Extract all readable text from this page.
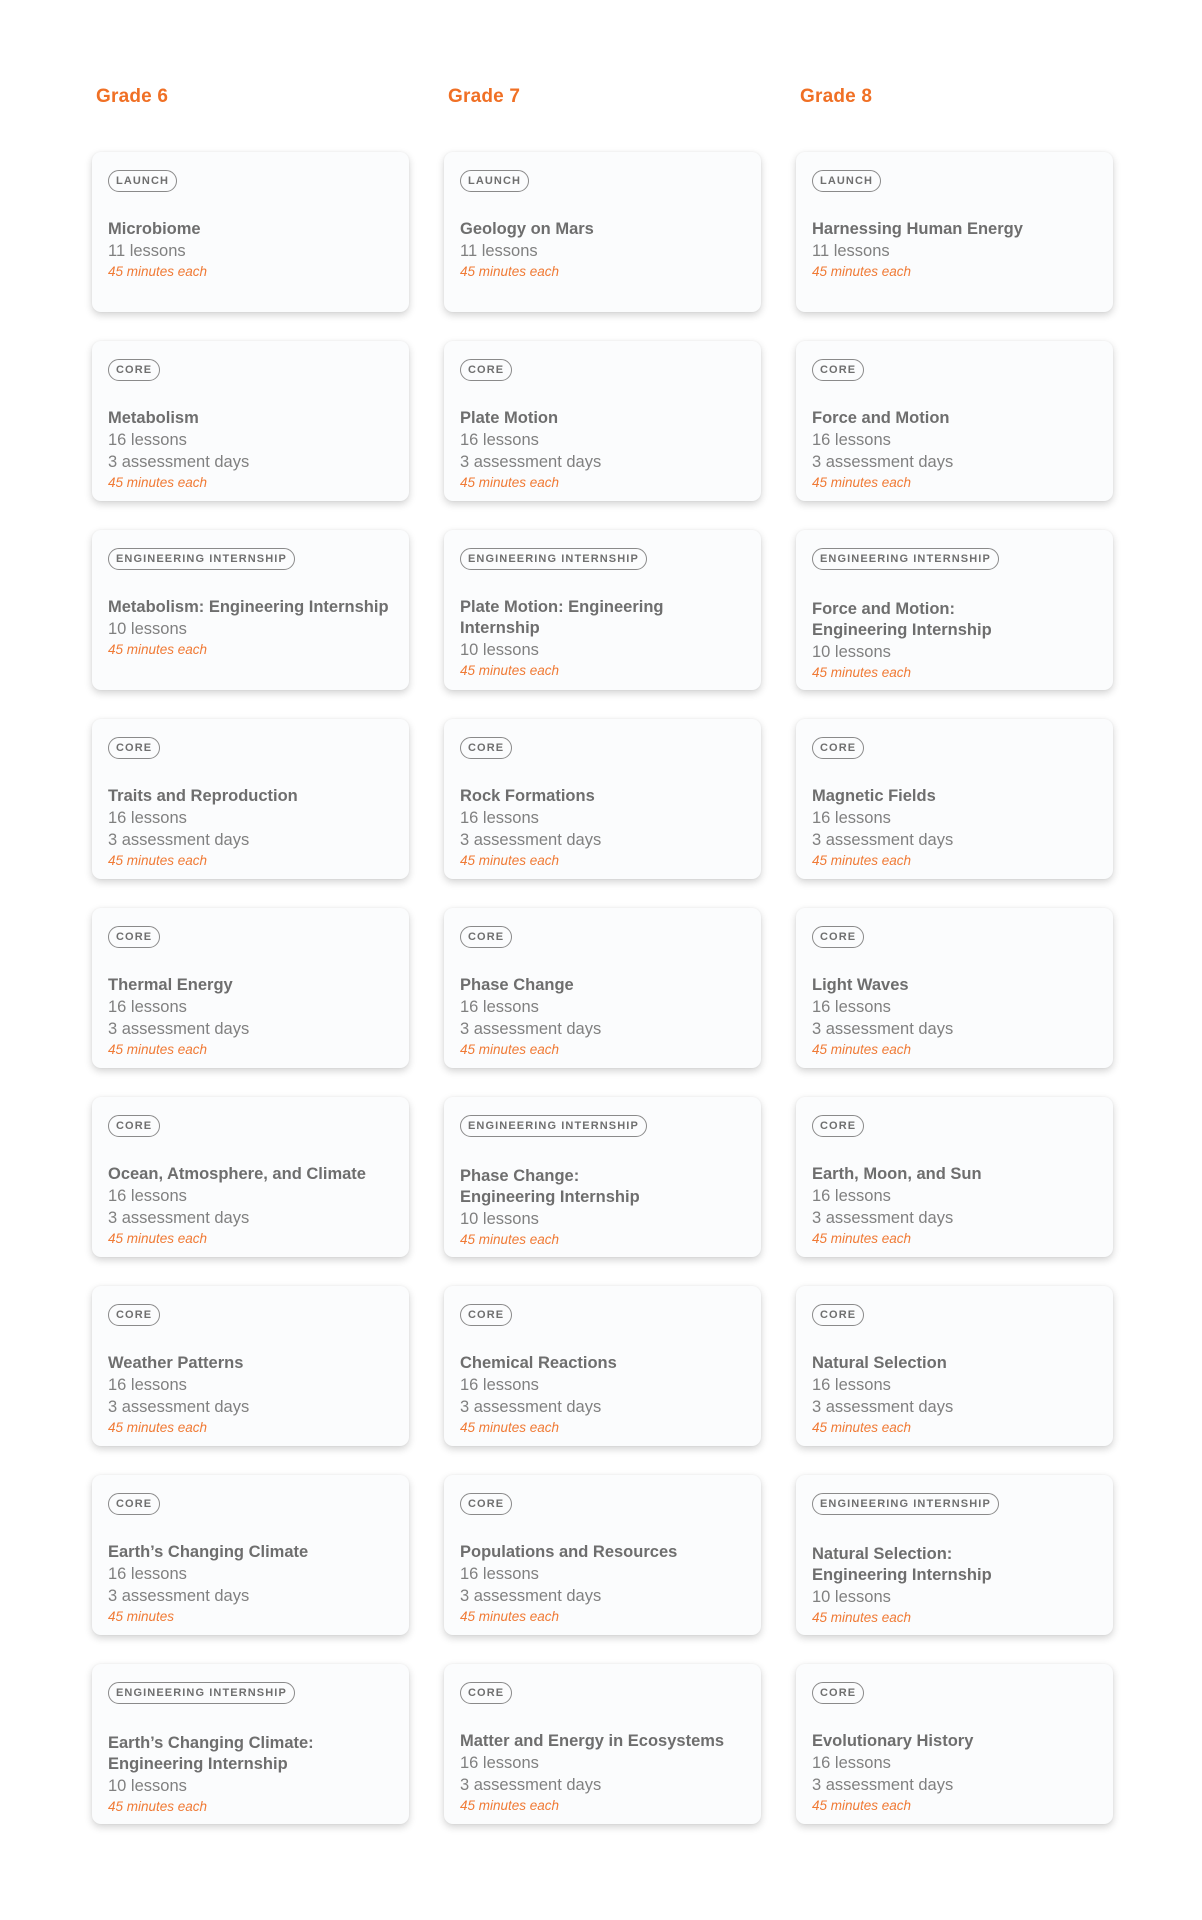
Grade 6
LAUNCH
Microbiome
11 lessons
45 minutes each
CORE
Metabolism
16 lessons
3 assessment days
45 minutes each
ENGINEERING INTERNSHIP
Metabolism: Engineering Internship
10 lessons
45 minutes each
CORE
Traits and Reproduction
16 lessons
3 assessment days
45 minutes each
CORE
Thermal Energy
16 lessons
3 assessment days
45 minutes each
CORE
Ocean, Atmosphere, and Climate
16 lessons
3 assessment days
45 minutes each
CORE
Weather Patterns
16 lessons
3 assessment days
45 minutes each
CORE
Earth’s Changing Climate
16 lessons
3 assessment days
45 minutes
ENGINEERING INTERNSHIP
Earth’s Changing Climate:
Engineering Internship
10 lessons
45 minutes each
Grade 7
LAUNCH
Geology on Mars
11 lessons
45 minutes each
CORE
Plate Motion
16 lessons
3 assessment days
45 minutes each
ENGINEERING INTERNSHIP
Plate Motion: Engineering Internship
10 lessons
45 minutes each
CORE
Rock Formations
16 lessons
3 assessment days
45 minutes each
CORE
Phase Change
16 lessons
3 assessment days
45 minutes each
ENGINEERING INTERNSHIP
Phase Change:
Engineering Internship
10 lessons
45 minutes each
CORE
Chemical Reactions
16 lessons
3 assessment days
45 minutes each
CORE
Populations and Resources
16 lessons
3 assessment days
45 minutes each
CORE
Matter and Energy in Ecosystems
16 lessons
3 assessment days
45 minutes each
Grade 8
LAUNCH
Harnessing Human Energy
11 lessons
45 minutes each
CORE
Force and Motion
16 lessons
3 assessment days
45 minutes each
ENGINEERING INTERNSHIP
Force and Motion:
Engineering Internship
10 lessons
45 minutes each
CORE
Magnetic Fields
16 lessons
3 assessment days
45 minutes each
CORE
Light Waves
16 lessons
3 assessment days
45 minutes each
CORE
Earth, Moon, and Sun
16 lessons
3 assessment days
45 minutes each
CORE
Natural Selection
16 lessons
3 assessment days
45 minutes each
ENGINEERING INTERNSHIP
Natural Selection:
Engineering Internship
10 lessons
45 minutes each
CORE
Evolutionary History
16 lessons
3 assessment days
45 minutes each
